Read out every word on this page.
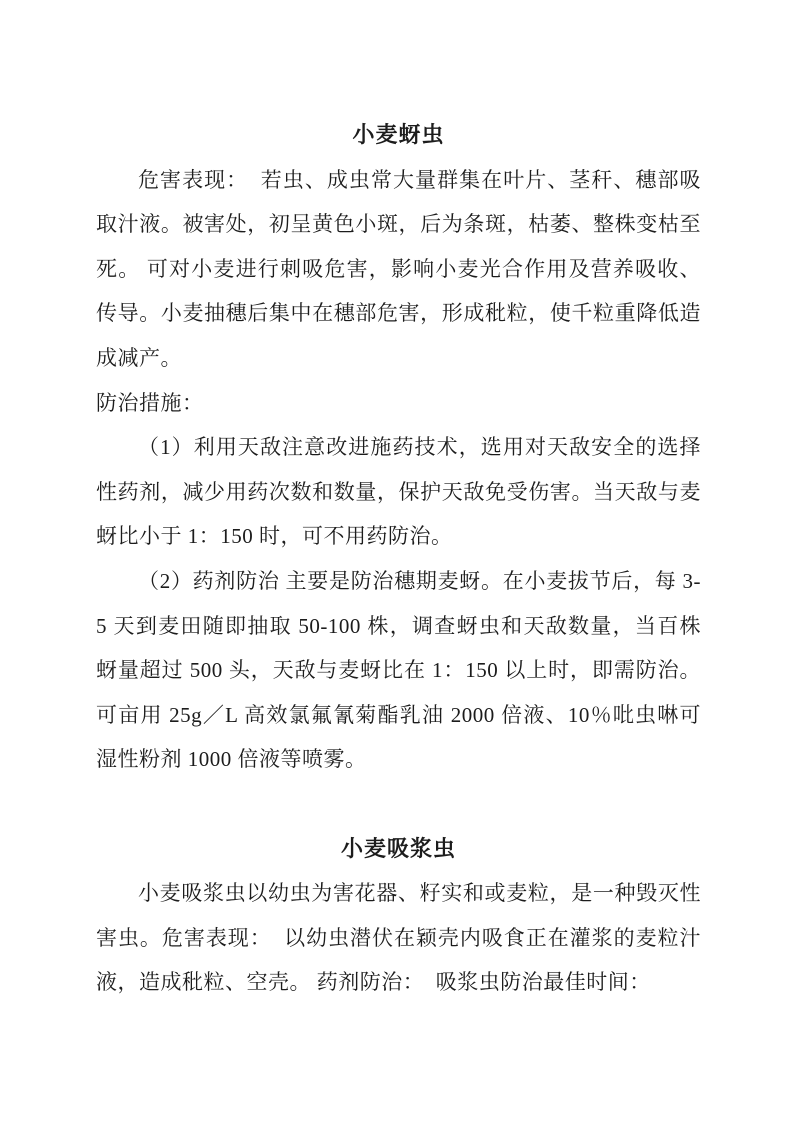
小麦蚜虫

危害表现：  若虫、成虫常大量群集在叶片、茎秆、穗部吸取汁液。被害处，初呈黄色小斑，后为条斑，枯萎、整株变枯至死。 可对小麦进行刺吸危害，影响小麦光合作用及营养吸收、传导。小麦抽穗后集中在穗部危害，形成秕粒，使千粒重降低造成减产。

防治措施：

（1）利用天敌注意改进施药技术，选用对天敌安全的选择性药剂，减少用药次数和数量，保护天敌免受伤害。当天敌与麦蚜比小于 1：150 时，可不用药防治。

（2）药剂防治 主要是防治穗期麦蚜。在小麦拔节后，每 3-5 天到麦田随即抽取 50-100 株，调查蚜虫和天敌数量，当百株蚜量超过 500 头，天敌与麦蚜比在 1：150 以上时，即需防治。可亩用 25g／L 高效氯氟氰菊酯乳油 2000 倍液、10％吡虫啉可湿性粉剂 1000 倍液等喷雾。

小麦吸浆虫

小麦吸浆虫以幼虫为害花器、籽实和或麦粒，是一种毁灭性害虫。危害表现：  以幼虫潜伏在颖壳内吸食正在灌浆的麦粒汁液，造成秕粒、空壳。 药剂防治：  吸浆虫防治最佳时间：
